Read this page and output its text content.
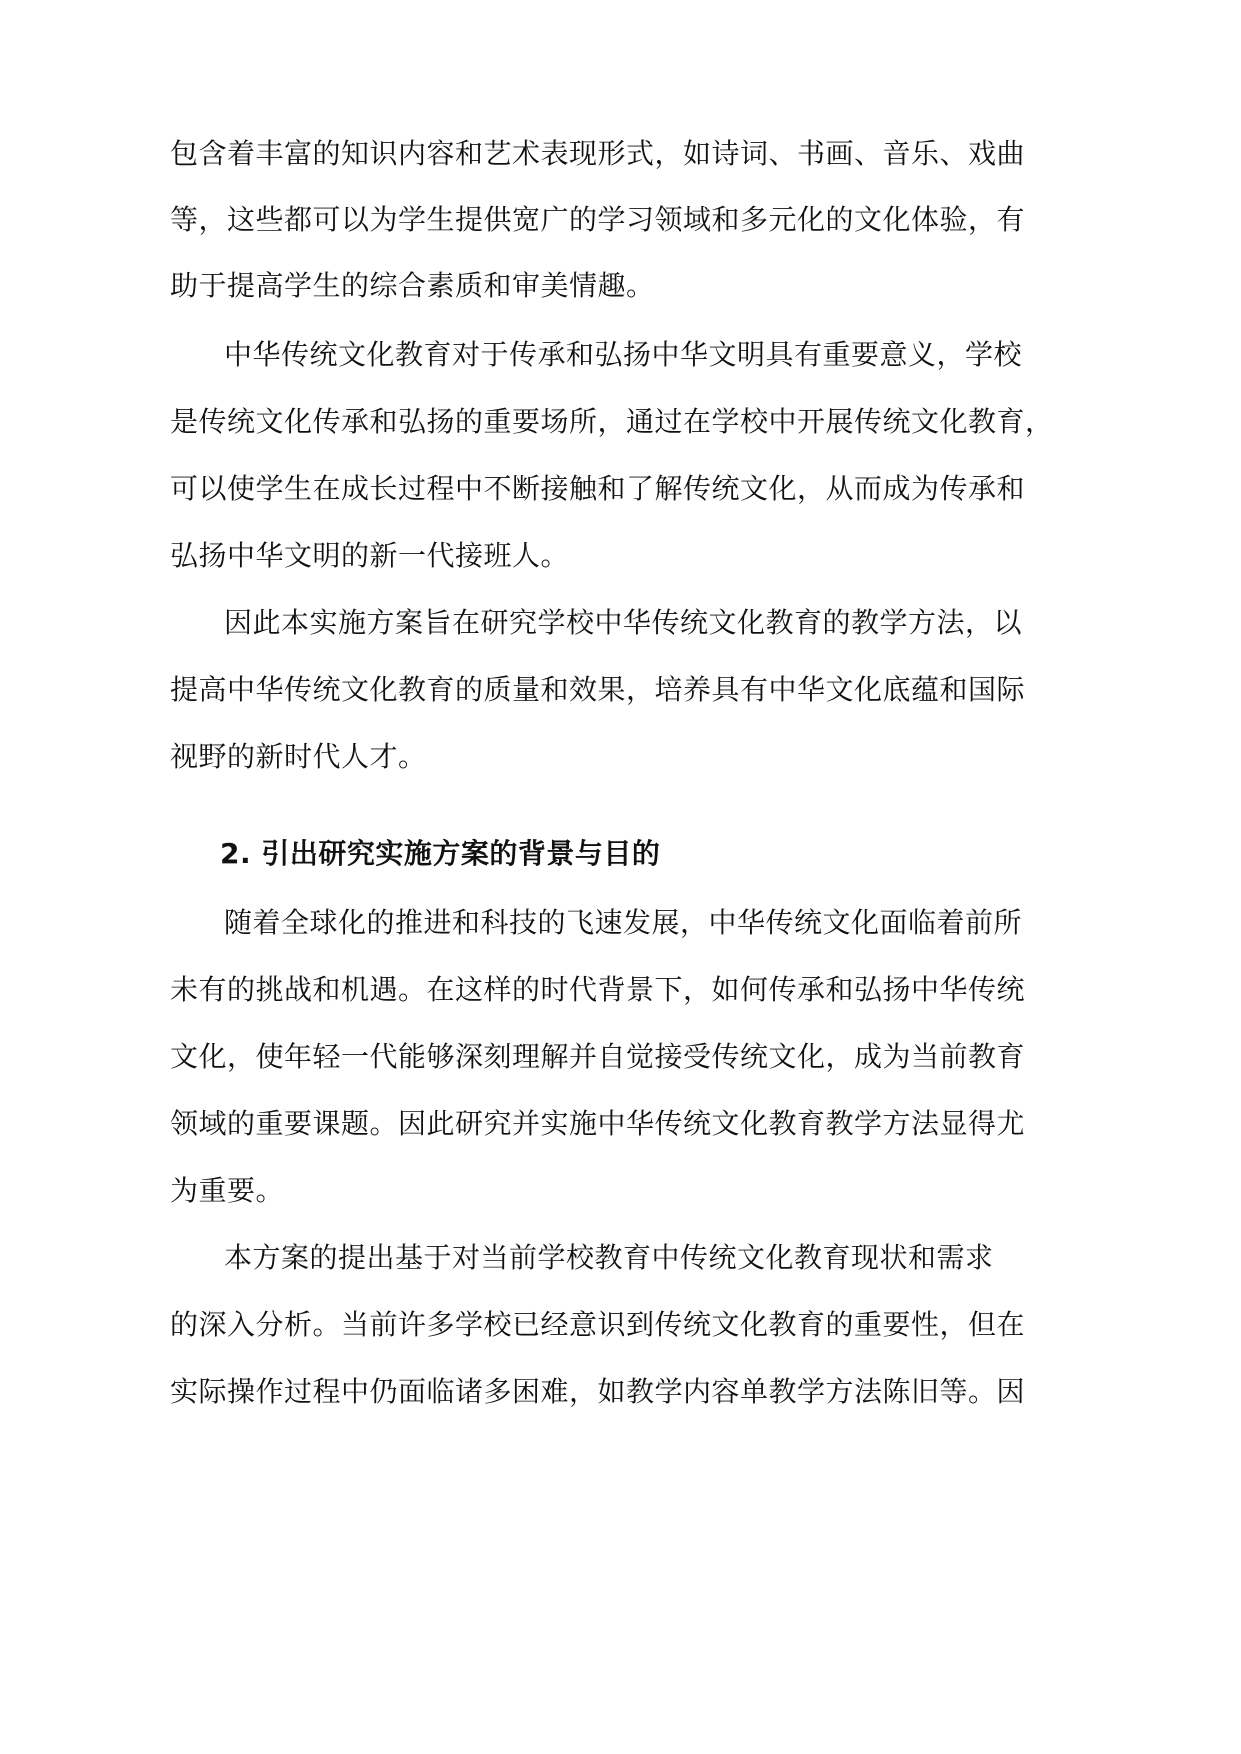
包含着丰富的知识内容和艺术表现形式，如诗词、书画、音乐、戏曲
等，这些都可以为学生提供宽广的学习领域和多元化的文化体验，有
助于提高学生的综合素质和审美情趣。
中华传统文化教育对于传承和弘扬中华文明具有重要意义，学校
是传统文化传承和弘扬的重要场所，通过在学校中开展传统文化教育，
可以使学生在成长过程中不断接触和了解传统文化，从而成为传承和
弘扬中华文明的新一代接班人。
因此本实施方案旨在研究学校中华传统文化教育的教学方法，以
提高中华传统文化教育的质量和效果，培养具有中华文化底蕴和国际
视野的新时代人才。
2. 引出研究实施方案的背景与目的
随着全球化的推进和科技的飞速发展，中华传统文化面临着前所
未有的挑战和机遇。在这样的时代背景下，如何传承和弘扬中华传统
文化，使年轻一代能够深刻理解并自觉接受传统文化，成为当前教育
领域的重要课题。因此研究并实施中华传统文化教育教学方法显得尤
为重要。
本方案的提出基于对当前学校教育中传统文化教育现状和需求
的深入分析。当前许多学校已经意识到传统文化教育的重要性，但在
实际操作过程中仍面临诸多困难，如教学内容单教学方法陈旧等。因
